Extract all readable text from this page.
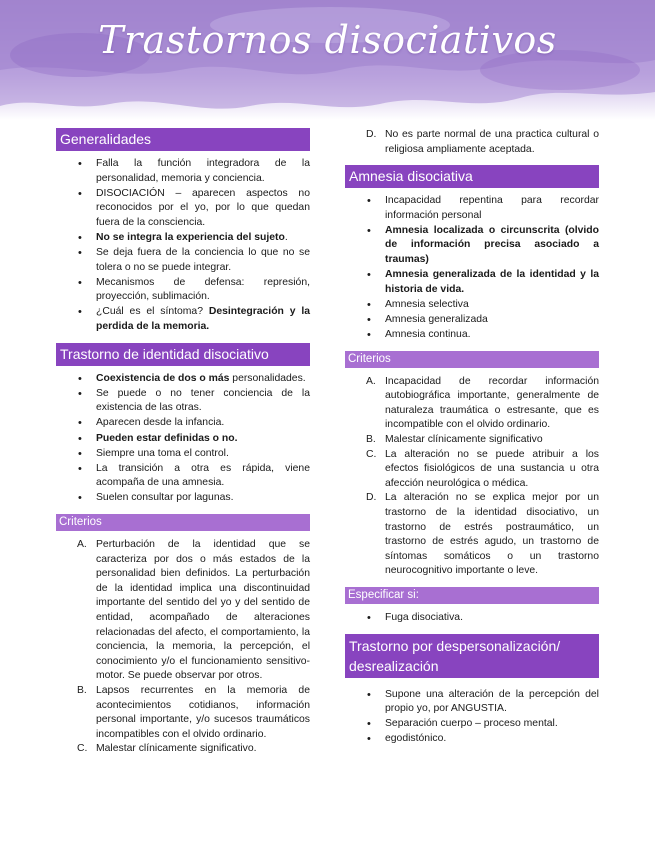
Trastornos disociativos
Generalidades
• Falla la función integradora de la personalidad, memoria y conciencia.
• DISOCIACIÓN – aparecen aspectos no reconocidos por el yo, por lo que quedan fuera de la consciencia.
• No se integra la experiencia del sujeto.
• Se deja fuera de la conciencia lo que no se tolera o no se puede integrar.
• Mecanismos de defensa: represión, proyección, sublimación.
• ¿Cuál es el síntoma? Desintegración y la perdida de la memoria.
Trastorno de identidad disociativo
• Coexistencia de dos o más personalidades.
• Se puede o no tener conciencia de la existencia de las otras.
• Aparecen desde la infancia.
• Pueden estar definidas o no.
• Siempre una toma el control.
• La transición a otra es rápida, viene acompaña de una amnesia.
• Suelen consultar por lagunas.
Criterios
A. Perturbación de la identidad que se caracteriza por dos o más estados de la personalidad bien definidos. La perturbación de la identidad implica una discontinuidad importante del sentido del yo y del sentido de entidad, acompañado de alteraciones relacionadas del afecto, el comportamiento, la conciencia, la memoria, la percepción, el conocimiento y/o el funcionamiento sensitivo-motor. Se puede observar por otros.
B. Lapsos recurrentes en la memoria de acontecimientos cotidianos, información personal importante, y/o sucesos traumáticos incompatibles con el olvido ordinario.
C. Malestar clínicamente significativo.
D. No es parte normal de una practica cultural o religiosa ampliamente aceptada.
Amnesia disociativa
• Incapacidad repentina para recordar información personal
• Amnesia localizada o circunscrita (olvido de información precisa asociado a traumas)
• Amnesia generalizada de la identidad y la historia de vida.
• Amnesia selectiva
• Amnesia generalizada
• Amnesia continua.
Criterios
A. Incapacidad de recordar información autobiográfica importante, generalmente de naturaleza traumática o estresante, que es incompatible con el olvido ordinario.
B. Malestar clínicamente significativo
C. La alteración no se puede atribuir a los efectos fisiológicos de una sustancia u otra afección neurológica o médica.
D. La alteración no se explica mejor por un trastorno de la identidad disociativo, un trastorno de estrés postraumático, un trastorno de estrés agudo, un trastorno de síntomas somáticos o un trastorno neurocognitivo importante o leve.
Especificar si:
• Fuga disociativa.
Trastorno por despersonalización/
desrealización
• Supone una alteración de la percepción del propio yo, por ANGUSTIA.
• Separación cuerpo – proceso mental.
• egodistónico.
